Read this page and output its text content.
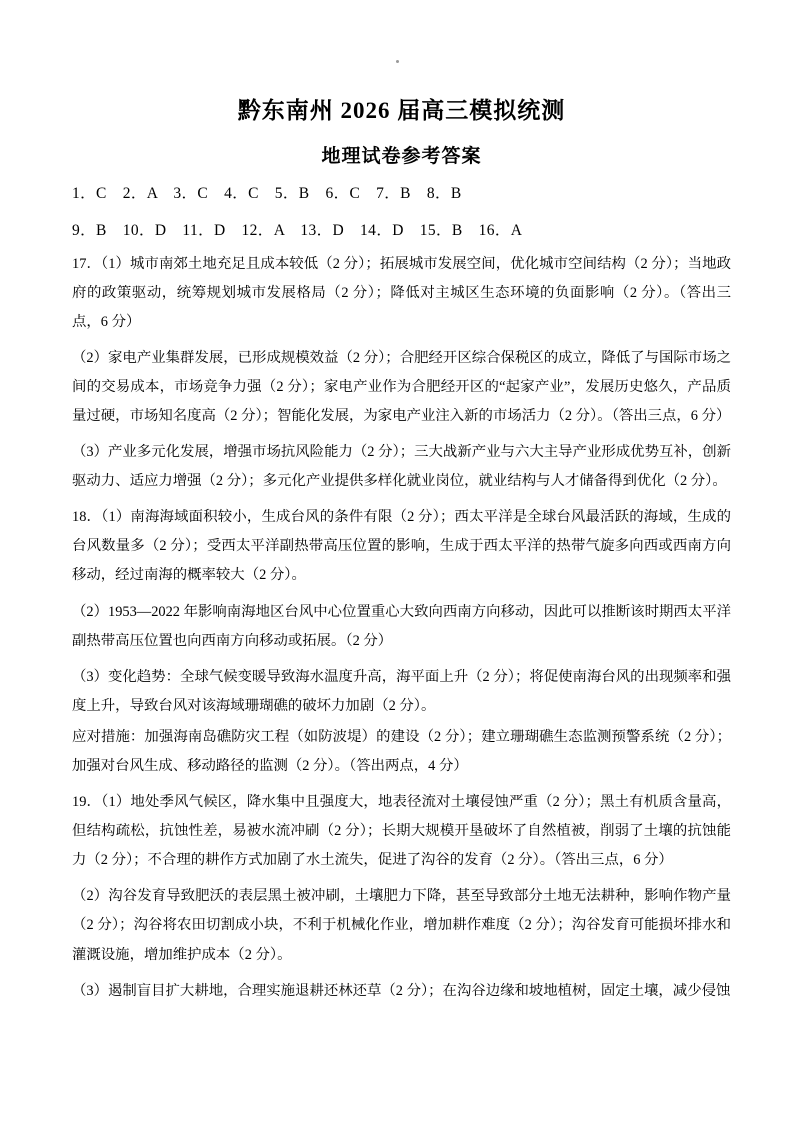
黔东南州 2026 届高三模拟统测
地理试卷参考答案
1．C　2．A　3．C　4．C　5．B　6．C　7．B　8．B
9．B　10．D　11．D　12．A　13．D　14．D　15．B　16．A
17．（1）城市南郊土地充足且成本较低（2 分）；拓展城市发展空间，优化城市空间结构（2 分）；当地政府的政策驱动，统筹规划城市发展格局（2 分）；降低对主城区生态环境的负面影响（2 分）。（答出三点，6 分）
（2）家电产业集群发展，已形成规模效益（2 分）；合肥经开区综合保税区的成立，降低了与国际市场之间的交易成本，市场竞争力强（2 分）；家电产业作为合肥经开区的“起家产业”，发展历史悠久，产品质量过硬，市场知名度高（2 分）；智能化发展，为家电产业注入新的市场活力（2 分）。（答出三点，6 分）
（3）产业多元化发展，增强市场抗风险能力（2 分）；三大战新产业与六大主导产业形成优势互补，创新驱动力、适应力增强（2 分）；多元化产业提供多样化就业岗位，就业结构与人才储备得到优化（2 分）。
18．（1）南海海域面积较小，生成台风的条件有限（2 分）；西太平洋是全球台风最活跃的海域，生成的台风数量多（2 分）；受西太平洋副热带高压位置的影响，生成于西太平洋的热带气旋多向西或西南方向移动，经过南海的概率较大（2 分）。
（2）1953—2022 年影响南海地区台风中心位置重心大致向西南方向移动，因此可以推断该时期西太平洋副热带高压位置也向西南方向移动或拓展。（2 分）
（3）变化趋势：全球气候变暖导致海水温度升高，海平面上升（2 分）；将促使南海台风的出现频率和强度上升，导致台风对该海域珊瑚礁的破坏力加剧（2 分）。
应对措施：加强海南岛礁防灾工程（如防波堤）的建设（2 分）；建立珊瑚礁生态监测预警系统（2 分）；加强对台风生成、移动路径的监测（2 分）。（答出两点，4 分）
19．（1）地处季风气候区，降水集中且强度大，地表径流对土壤侵蚀严重（2 分）；黑土有机质含量高，但结构疏松，抗蚀性差，易被水流冲刷（2 分）；长期大规模开垦破坏了自然植被，削弱了土壤的抗蚀能力（2 分）；不合理的耕作方式加剧了水土流失，促进了沟谷的发育（2 分）。（答出三点，6 分）
（2）沟谷发育导致肥沃的表层黑土被冲刷，土壤肥力下降，甚至导致部分土地无法耕种，影响作物产量（2 分）；沟谷将农田切割成小块，不利于机械化作业，增加耕作难度（2 分）；沟谷发育可能损坏排水和灌溉设施，增加维护成本（2 分）。
（3）遏制盲目扩大耕地，合理实施退耕还林还草（2 分）；在沟谷边缘和坡地植树，固定土壤，减少侵蚀
